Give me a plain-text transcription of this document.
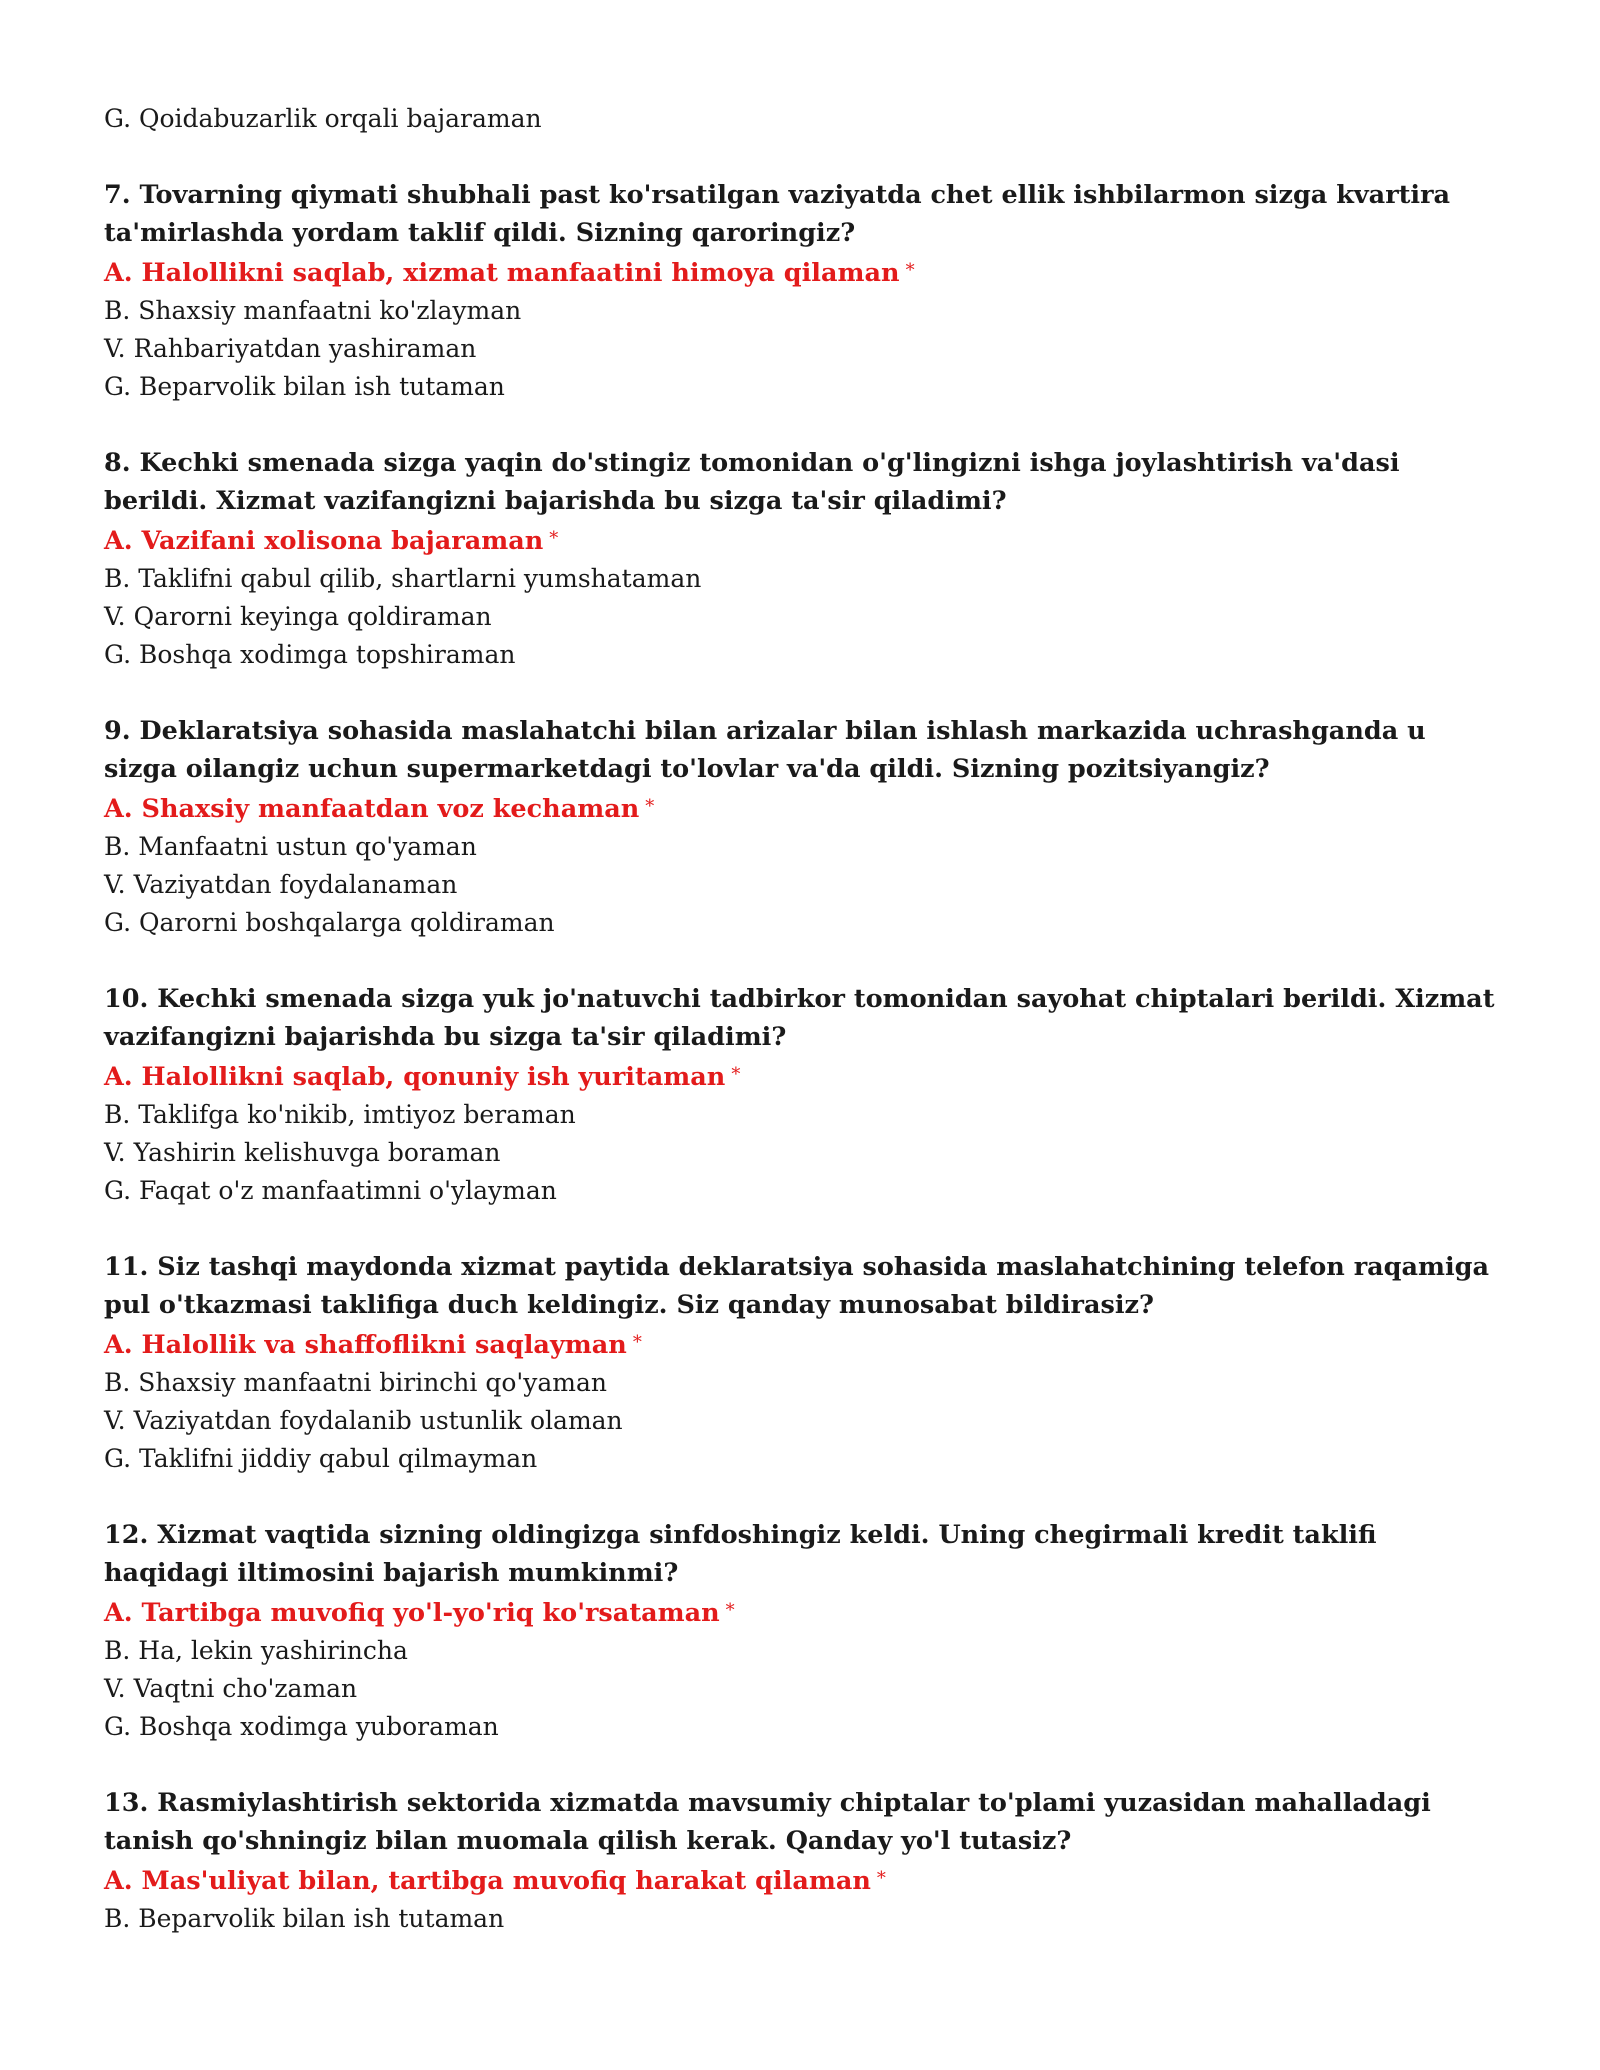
G. Qoidabuzarlik orqali bajaraman
7. Tovarning qiymati shubhali past ko'rsatilgan vaziyatda chet ellik ishbilarmon sizga kvartira ta'mirlashda yordam taklif qildi. Sizning qaroringiz?
A. Halollikni saqlab, xizmat manfaatini himoya qilaman *
B. Shaxsiy manfaatni ko'zlayman
V. Rahbariyatdan yashiraman
G. Beparvolik bilan ish tutaman
8. Kechki smenada sizga yaqin do'stingiz tomonidan o'g'lingizni ishga joylashtirish va'dasi berildi. Xizmat vazifangizni bajarishda bu sizga ta'sir qiladimi?
A. Vazifani xolisona bajaraman *
B. Taklifni qabul qilib, shartlarni yumshataman
V. Qarorni keyinga qoldiraman
G. Boshqa xodimga topshiraman
9. Deklaratsiya sohasida maslahatchi bilan arizalar bilan ishlash markazida uchrashganda u sizga oilangiz uchun supermarketdagi to'lovlar va'da qildi. Sizning pozitsiyangiz?
A. Shaxsiy manfaatdan voz kechaman *
B. Manfaatni ustun qo'yaman
V. Vaziyatdan foydalanaman
G. Qarorni boshqalarga qoldiraman
10. Kechki smenada sizga yuk jo'natuvchi tadbirkor tomonidan sayohat chiptalari berildi. Xizmat vazifangizni bajarishda bu sizga ta'sir qiladimi?
A. Halollikni saqlab, qonuniy ish yuritaman *
B. Taklifga ko'nikib, imtiyoz beraman
V. Yashirin kelishuvga boraman
G. Faqat o'z manfaatimni o'ylayman
11. Siz tashqi maydonda xizmat paytida deklaratsiya sohasida maslahatchining telefon raqamiga pul o'tkazmasi taklifiga duch keldingiz. Siz qanday munosabat bildirasiz?
A. Halollik va shaffoflikni saqlayman *
B. Shaxsiy manfaatni birinchi qo'yaman
V. Vaziyatdan foydalanib ustunlik olaman
G. Taklifni jiddiy qabul qilmayman
12. Xizmat vaqtida sizning oldingizga sinfdoshingiz keldi. Uning chegirmali kredit taklifi haqidagi iltimosini bajarish mumkinmi?
A. Tartibga muvofiq yo'l-yo'riq ko'rsataman *
B. Ha, lekin yashirincha
V. Vaqtni cho'zaman
G. Boshqa xodimga yuboraman
13. Rasmiylashtirish sektorida xizmatda mavsumiy chiptalar to'plami yuzasidan mahalladagi tanish qo'shningiz bilan muomala qilish kerak. Qanday yo'l tutasiz?
A. Mas'uliyat bilan, tartibga muvofiq harakat qilaman *
B. Beparvolik bilan ish tutaman
